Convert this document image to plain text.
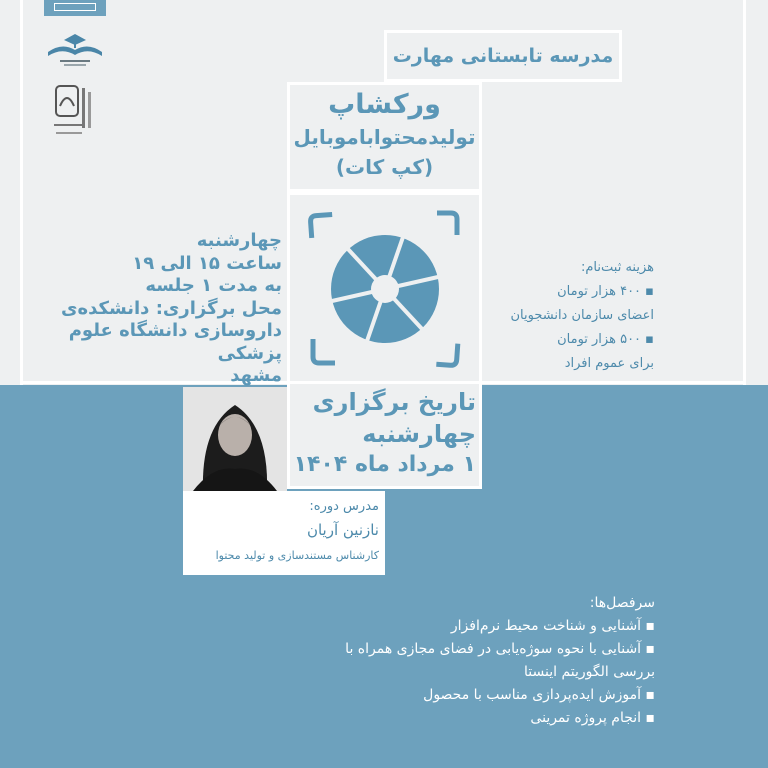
مدرسه تابستانی مهارت
ورکشاپ
تولیدمحتواباموبایل
(کپ کات)
چهارشنبه
ساعت ۱۵ الی ۱۹
به مدت ۱ جلسه
محل برگزاری: دانشکده‌ی
داروسازی دانشگاه علوم پزشکی
مشهد
هزینه ثبت‌نام:
▪ ۴۰۰ هزار تومان
اعضای سازمان دانشجویان
▪ ۵۰۰ هزار تومان
برای عموم افراد
تاریخ برگزاری
چهارشنبه
۱ مرداد ماه ۱۴۰۴
مدرس دوره:
نازنین آریان
کارشناس مستندسازی و تولید محتوا
سرفصل‌ها:
▪ آشنایی و شناخت محیط نرم‌افزار
▪ آشنایی با نحوه سوژه‌یابی در فضای مجازی همراه با
بررسی الگوریتم اینستا
▪ آموزش ایده‌پردازی مناسب با محصول
▪ انجام پروژه تمرینی
